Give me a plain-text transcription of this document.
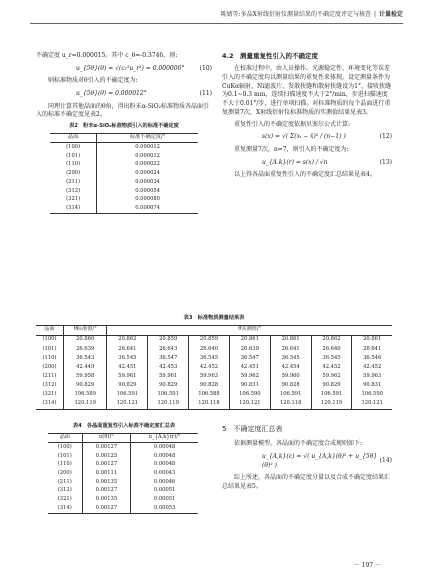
陈婧等:多晶X射线衍射仪测量结果的不确定度评定与核查 | 计量检定

不确定度 u_r=0.000015。其中 c_θ=-0.3746，则:

u_{5θ}(θ) = √(c₁²u_r²) = 0.000006°	(10)

则标准物质对θ引入的不确定度为:

u_{5θ}(θ) = 0.000012°	(11)

同理计算其他晶面的θ角，得出粉末α-SiO₂标准物质各晶面引入的标准不确定度见表2。

表2　粉末α-SiO₂标准物质引入的标准不确定度
晶面	标准不确定度/°
(100)	0.000012
(101)	0.000012
(110)	0.000022
(200)	0.000024
(211)	0.000034
(312)	0.000054
(321)	0.000080
(314)	0.000074
4.2　测量重复性引入的不确定度

在校准过程中，由人员操作、光源稳定性、环境变化等误差引入的不确定度均以测量结果的重复性来体现。设定测量条件为CuKα辐射，Ni滤波片，发散狭缝和散射狭缝设为1°，接收狭缝为0.1~0.3 mm，连续扫描速度不大于2°/min，步进扫描速度不大于0.01°/步，进行单项扫描。对标准物质的每个晶面进行重复测量7次，X射线衍射仪标准物质的实测值结果见表3。

重复性引入的不确定度依据贝塞尔公式计算:

s(x) = √( Σ(xᵢ − x̄)² / (n−1) )	(12)

重复测量7次，n=7，则引入的不确定度为:

u_{A.k}(r) = s(x) / √n	(13)

以上得各晶面重复性引入的不确定度汇总结果见表4。

表3　标准物质测量结果表
晶面	θ标准值/°	θ实测值/°						
(100)	20.860	20.862	20.859	20.859	20.861	20.861	20.862	20.861
(101)	26.639	26.641	26.643	26.640	26.639	26.641	26.640	26.641
(110)	36.543	36.545	36.547	36.545	36.547	36.545	36.545	36.546
(200)	42.449	42.451	42.453	42.452	42.451	42.454	42.452	42.452
(211)	59.958	59.961	59.961	59.963	59.962	59.960	59.962	59.963
(312)	90.829	90.829	90.829	90.828	90.831	90.828	90.829	90.831
(321)	106.589	106.591	106.591	106.588	106.590	106.591	106.591	106.590
(314)	120.119	120.121	120.119	120.118	120.121	120.118	120.119	120.121
表4　各晶面重复性引入标准不确定度汇总表
晶面	u(θ)/°	u_{A,k}(r)/°
(100)	0.00127	0.00048
(101)	0.00125	0.00048
(110)	0.00127	0.00048
(200)	0.00111	0.00043
(211)	0.00135	0.00046
(312)	0.00127	0.00051
(321)	0.00135	0.00051
(314)	0.00127	0.00053
5　不确定度汇总表

依据测量模型，各晶面的不确定度合成规则如下:

u_{A,k}(c) = √( u_{A,k}(θ)² + u_{5θ}(θ)² )
(14)

综上所述，各晶面的不确定度分量以及合成不确定度结果汇总结果见表5。

－ 197 －
